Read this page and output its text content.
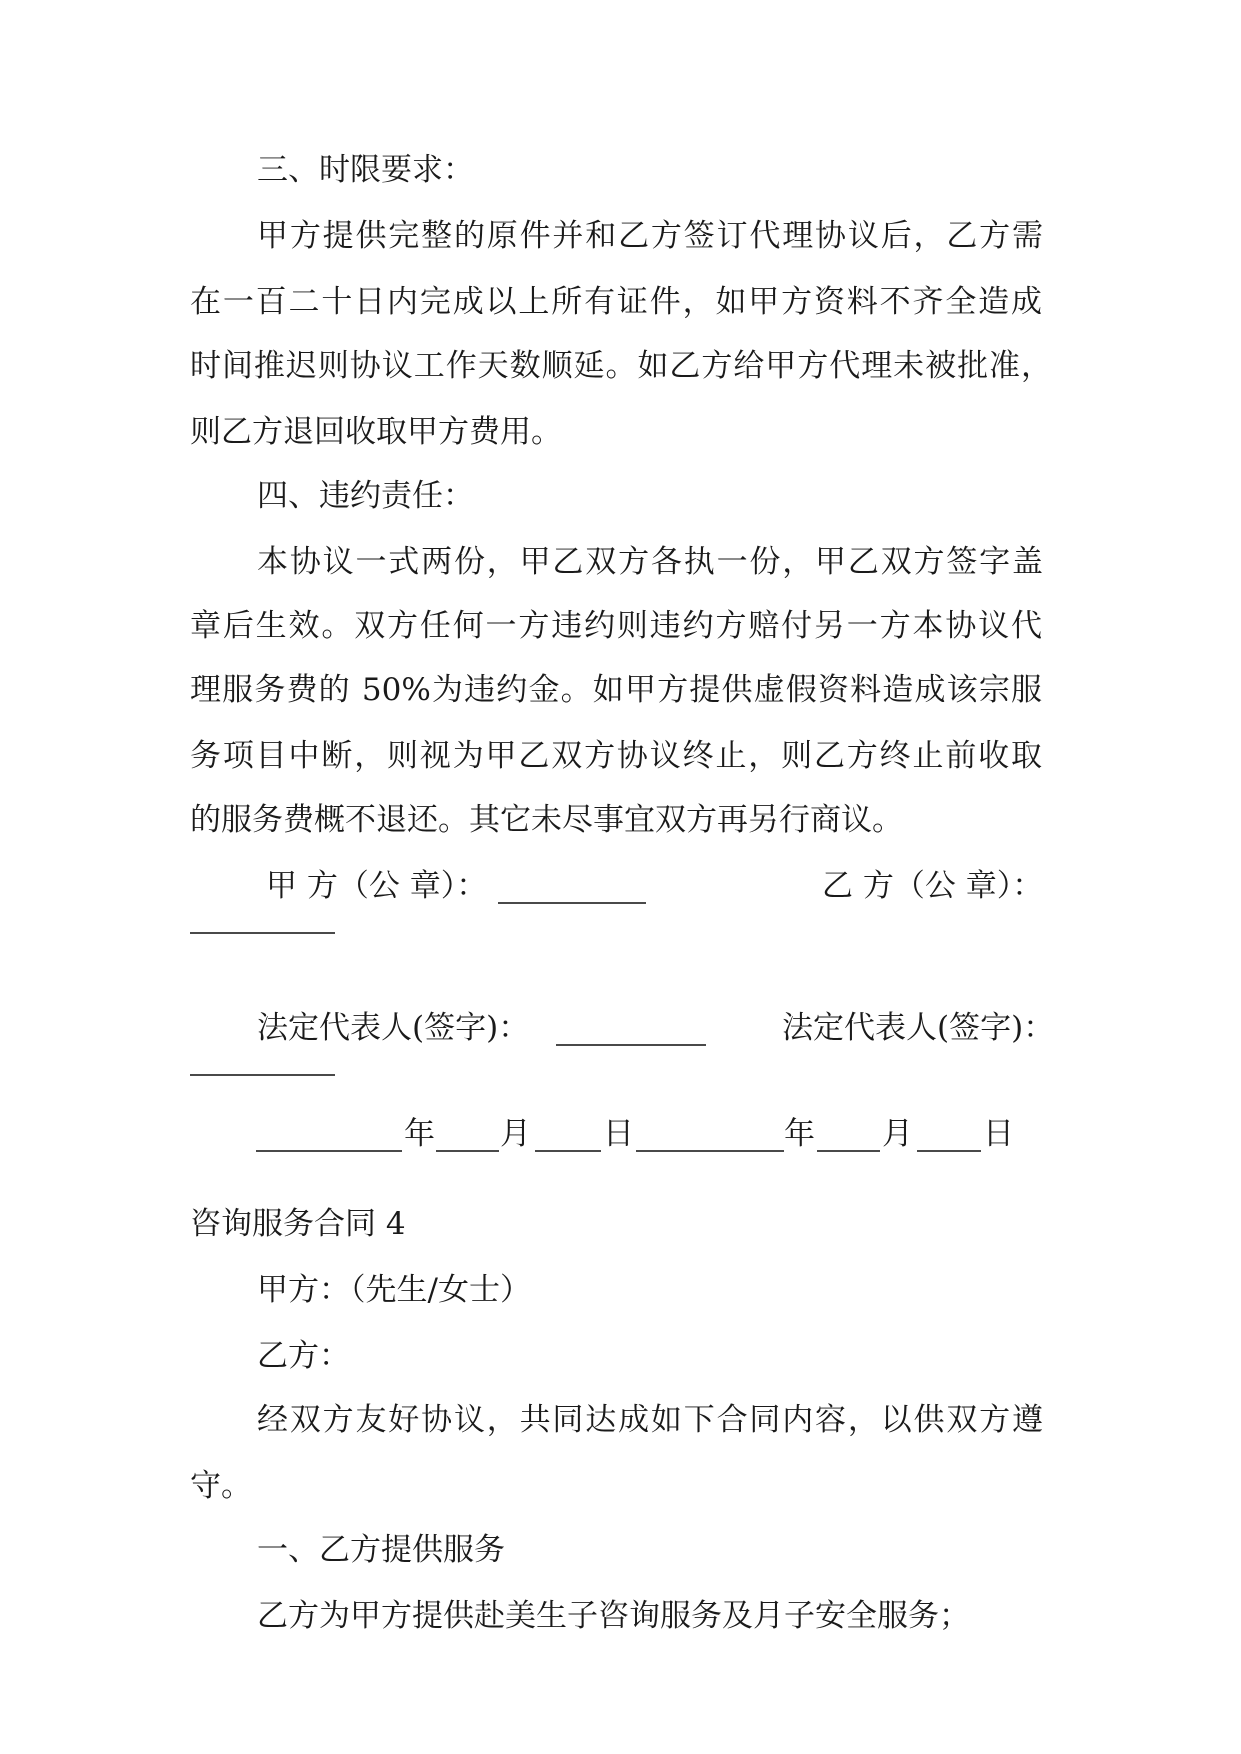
三、时限要求：
甲方提供完整的原件并和乙方签订代理协议后，乙方需
在一百二十日内完成以上所有证件，如甲方资料不齐全造成
时间推迟则协议工作天数顺延。如乙方给甲方代理未被批准，
则乙方退回收取甲方费用。
四、违约责任：
本协议一式两份，甲乙双方各执一份，甲乙双方签字盖
章后生效。双方任何一方违约则违约方赔付另一方本协议代
理服务费的 50%为违约金。如甲方提供虚假资料造成该宗服
务项目中断，则视为甲乙双方协议终止，则乙方终止前收取
的服务费概不退还。其它未尽事宜双方再另行商议。
甲 方（公 章）：	乙 方（公 章）：
法定代表人(签字)：	法定代表人(签字)：
年 月 日	年 月 日
咨询服务合同 4
甲方：（先生/女士）
乙方：
经双方友好协议，共同达成如下合同内容，以供双方遵
守。
一、乙方提供服务
乙方为甲方提供赴美生子咨询服务及月子安全服务；
